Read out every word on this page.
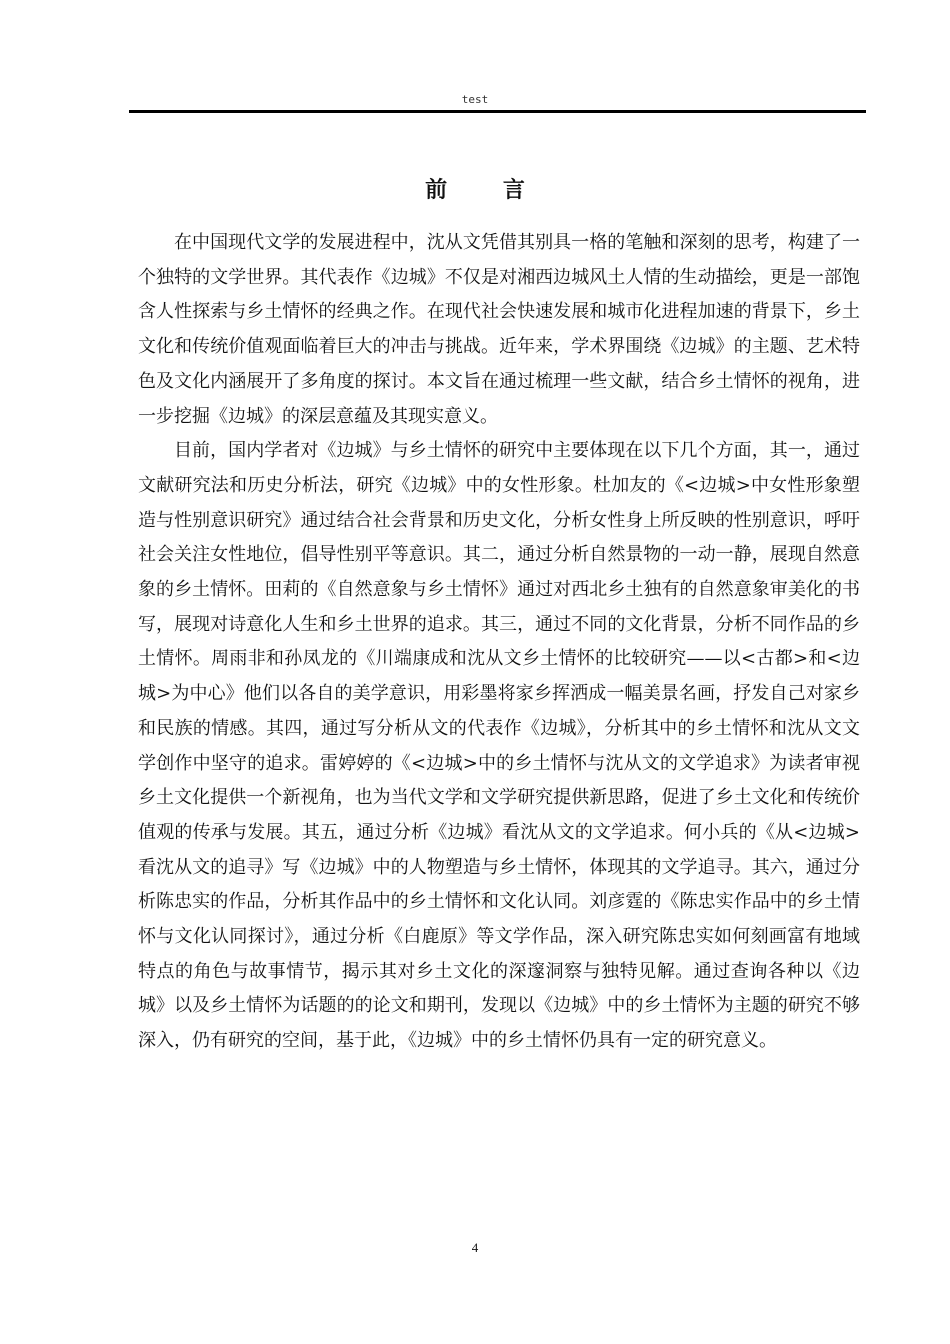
test
前 言

在中国现代文学的发展进程中，沈从文凭借其别具一格的笔触和深刻的思考，构建了一个独特的文学世界。其代表作《边城》不仅是对湘西边城风土人情的生动描绘，更是一部饱含人性探索与乡土情怀的经典之作。在现代社会快速发展和城市化进程加速的背景下，乡土文化和传统价值观面临着巨大的冲击与挑战。近年来，学术界围绕《边城》的主题、艺术特色及文化内涵展开了多角度的探讨。本文旨在通过梳理一些文献，结合乡土情怀的视角，进一步挖掘《边城》的深层意蕴及其现实意义。

目前，国内学者对《边城》与乡土情怀的研究中主要体现在以下几个方面，其一，通过文献研究法和历史分析法，研究《边城》中的女性形象。杜加友的《<边城>中女性形象塑造与性别意识研究》通过结合社会背景和历史文化，分析女性身上所反映的性别意识，呼吁社会关注女性地位，倡导性别平等意识。其二，通过分析自然景物的一动一静，展现自然意象的乡土情怀。田莉的《自然意象与乡土情怀》通过对西北乡土独有的自然意象审美化的书写，展现对诗意化人生和乡土世界的追求。其三，通过不同的文化背景，分析不同作品的乡土情怀。周雨非和孙凤龙的《川端康成和沈从文乡土情怀的比较研究——以<古都>和<边城>为中心》他们以各自的美学意识，用彩墨将家乡挥洒成一幅美景名画，抒发自己对家乡和民族的情感。其四，通过写分析从文的代表作《边城》，分析其中的乡土情怀和沈从文文学创作中坚守的追求。雷婷婷的《<边城>中的乡土情怀与沈从文的文学追求》为读者审视乡土文化提供一个新视角，也为当代文学和文学研究提供新思路，促进了乡土文化和传统价值观的传承与发展。其五，通过分析《边城》看沈从文的文学追求。何小兵的《从<边城>看沈从文的追寻》写《边城》中的人物塑造与乡土情怀，体现其的文学追寻。其六，通过分析陈忠实的作品，分析其作品中的乡土情怀和文化认同。刘彦霆的《陈忠实作品中的乡土情怀与文化认同探讨》，通过分析《白鹿原》等文学作品，深入研究陈忠实如何刻画富有地域特点的角色与故事情节，揭示其对乡土文化的深邃洞察与独特见解。通过查询各种以《边城》以及乡土情怀为话题的的论文和期刊，发现以《边城》中的乡土情怀为主题的研究不够深入，仍有研究的空间，基于此，《边城》中的乡土情怀仍具有一定的研究意义。

4
